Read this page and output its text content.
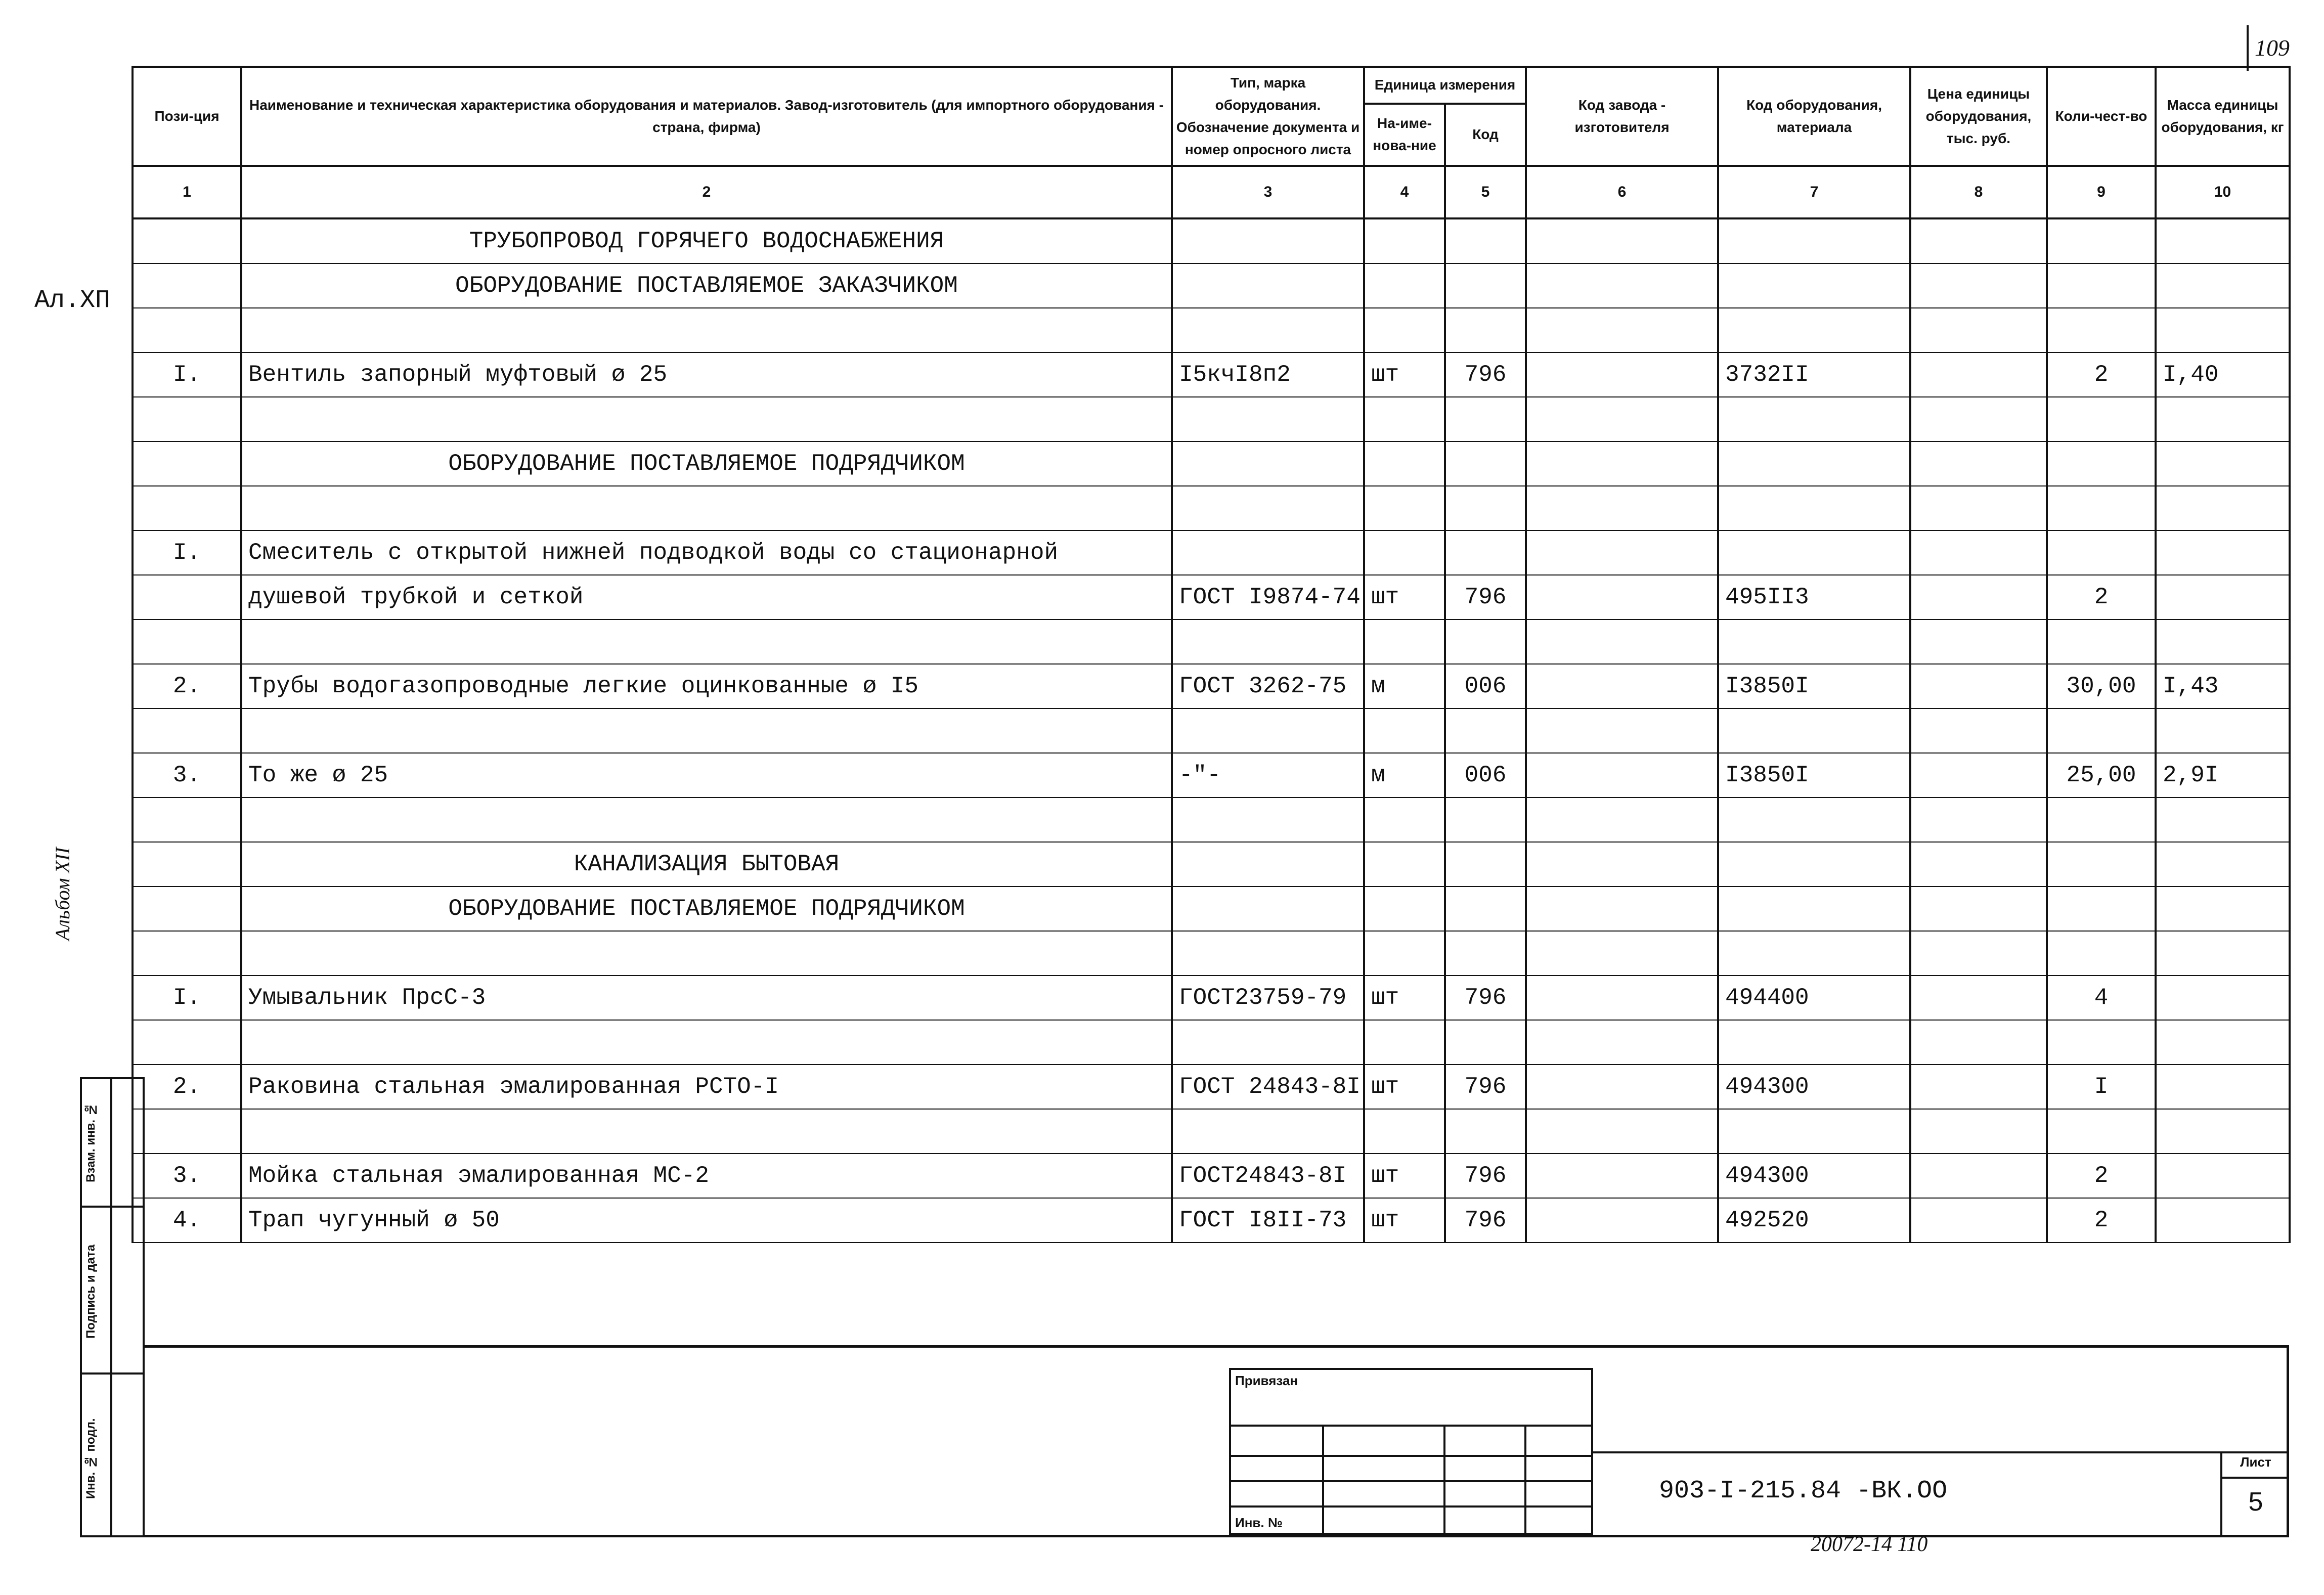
109
Ал.ХП
Альбом XII
Взам. инв. №
Подпись и дата
Инв. № подл.
Пози-ция	Наименование и техническая характеристика оборудования и материалов. Завод-изготовитель (для импортного оборудования - страна, фирма)	Тип, марка оборудования. Обозначение документа и номер опросного листа	Единица измерения		Код завода - изготовителя	Код оборудования, материала	Цена единицы оборудования, тыс. руб.	Коли-чест-во	Масса единицы оборудования, кг
			На-име-нова-ние	Код					
1	2	3	4	5	6	7	8	9	10
	ТРУБОПРОВОД ГОРЯЧЕГО ВОДОСНАБЖЕНИЯ								
	ОБОРУДОВАНИЕ ПОСТАВЛЯЕМОЕ ЗАКАЗЧИКОМ								

I.	Вентиль запорный муфтовый ø 25	I5кчI8п2	шт	796		3732II		2	I,40

	ОБОРУДОВАНИЕ ПОСТАВЛЯЕМОЕ ПОДРЯДЧИКОМ								

I.	Смеситель с открытой нижней подводкой воды со стационарной								
	душевой трубкой и сеткой	ГОСТ I9874-74	шт	796		495II3		2	

2.	Трубы водогазопроводные легкие оцинкованные ø I5	ГОСТ 3262-75	м	006		I3850I		30,00	I,43

3.	То же ø 25	-"-	м	006		I3850I		25,00	2,9I

	КАНАЛИЗАЦИЯ БЫТОВАЯ								
	ОБОРУДОВАНИЕ ПОСТАВЛЯЕМОЕ ПОДРЯДЧИКОМ								

I.	Умывальник ПрсС-3	ГОСТ23759-79	шт	796		494400		4	

2.	Раковина стальная эмалированная РСТО-I	ГОСТ 24843-8I	шт	796		494300		I	

3.	Мойка стальная эмалированная МС-2	ГОСТ24843-8I	шт	796		494300		2	
4.	Трап чугунный ø 50	ГОСТ I8II-73	шт	796		492520		2	
Привязан
Инв. №
903-I-215.84 -ВК.ОО
Лист
5
20072-14 110
